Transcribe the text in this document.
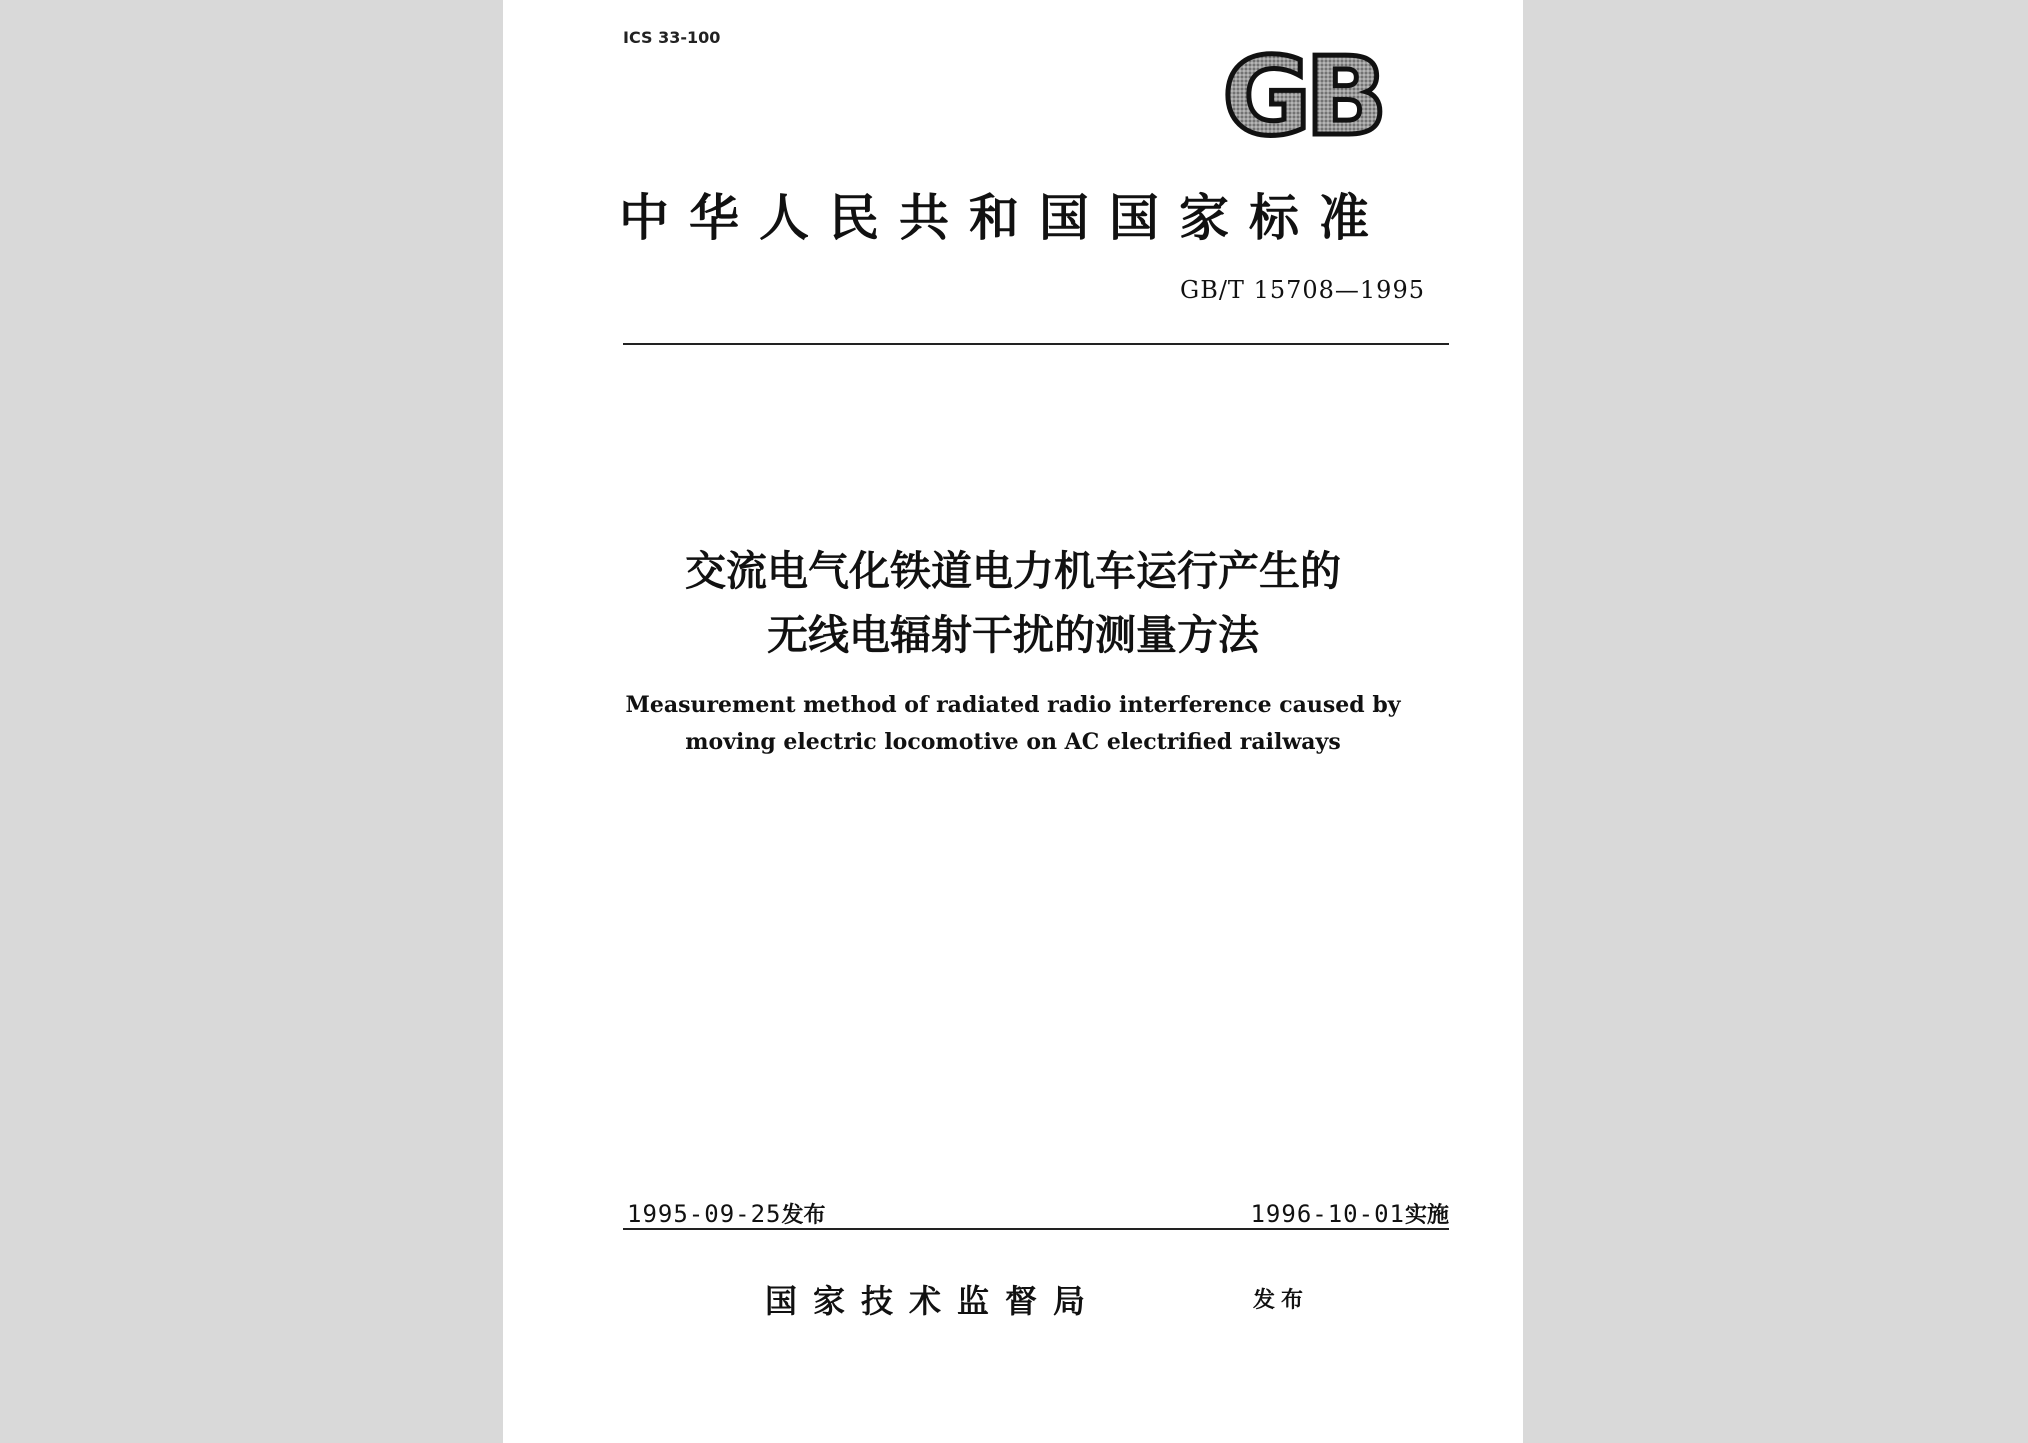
ICS 33-100	GB
中华人民共和国国家标准
GB/T 15708—1995
交流电气化铁道电力机车运行产生的
无线电辐射干扰的测量方法
Measurement method of radiated radio interference caused by
moving electric locomotive on AC electrified railways
1995-09-25发布	1996-10-01实施
国家技术监督局	发布
